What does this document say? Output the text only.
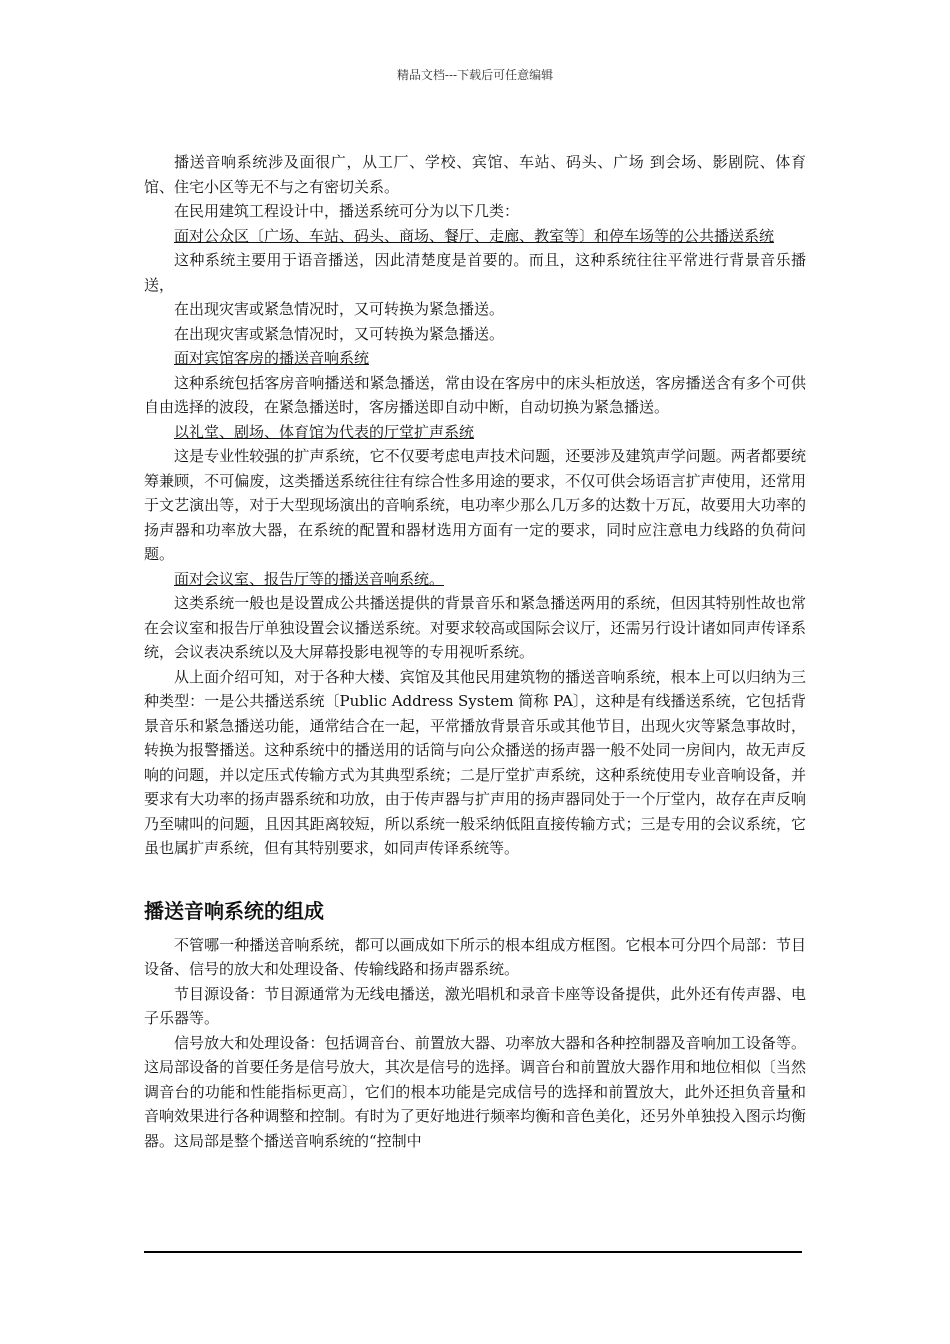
精品文档---下载后可任意编辑

播送音响系统涉及面很广，从工厂、学校、宾馆、车站、码头、广场 到会场、影剧院、体育馆、住宅小区等无不与之有密切关系。

在民用建筑工程设计中，播送系统可分为以下几类：

面对公众区〔广场、车站、码头、商场、餐厅、走廊、教室等〕和停车场等的公共播送系统

这种系统主要用于语音播送，因此清楚度是首要的。而且，这种系统往往平常进行背景音乐播送，

在出现灾害或紧急情况时，又可转换为紧急播送。

在出现灾害或紧急情况时，又可转换为紧急播送。

面对宾馆客房的播送音响系统

这种系统包括客房音响播送和紧急播送，常由设在客房中的床头柜放送，客房播送含有多个可供自由选择的波段，在紧急播送时，客房播送即自动中断，自动切换为紧急播送。

以礼堂、剧场、体育馆为代表的厅堂扩声系统

这是专业性较强的扩声系统，它不仅要考虑电声技术问题，还要涉及建筑声学问题。两者都要统筹兼顾，不可偏废，这类播送系统往往有综合性多用途的要求，不仅可供会场语言扩声使用，还常用于文艺演出等，对于大型现场演出的音响系统，电功率少那么几万多的达数十万瓦，故要用大功率的扬声器和功率放大器，在系统的配置和器材选用方面有一定的要求，同时应注意电力线路的负荷问题。

面对会议室、报告厅等的播送音响系统。

这类系统一般也是设置成公共播送提供的背景音乐和紧急播送两用的系统，但因其特别性故也常在会议室和报告厅单独设置会议播送系统。对要求较高或国际会议厅，还需另行设计诸如同声传译系统，会议表决系统以及大屏幕投影电视等的专用视听系统。

从上面介绍可知，对于各种大楼、宾馆及其他民用建筑物的播送音响系统，根本上可以归纳为三种类型：一是公共播送系统〔Public Address System 简称 PA〕，这种是有线播送系统，它包括背景音乐和紧急播送功能，通常结合在一起，平常播放背景音乐或其他节目，出现火灾等紧急事故时，转换为报警播送。这种系统中的播送用的话筒与向公众播送的扬声器一般不处同一房间内，故无声反响的问题，并以定压式传输方式为其典型系统；二是厅堂扩声系统，这种系统使用专业音响设备，并要求有大功率的扬声器系统和功放，由于传声器与扩声用的扬声器同处于一个厅堂内，故存在声反响乃至啸叫的问题，且因其距离较短，所以系统一般采纳低阻直接传输方式；三是专用的会议系统，它虽也属扩声系统，但有其特别要求，如同声传译系统等。

播送音响系统的组成

不管哪一种播送音响系统，都可以画成如下所示的根本组成方框图。它根本可分四个局部：节目设备、信号的放大和处理设备、传输线路和扬声器系统。

节目源设备：节目源通常为无线电播送，激光唱机和录音卡座等设备提供，此外还有传声器、电子乐器等。

信号放大和处理设备：包括调音台、前置放大器、功率放大器和各种控制器及音响加工设备等。这局部设备的首要任务是信号放大，其次是信号的选择。调音台和前置放大器作用和地位相似〔当然调音台的功能和性能指标更高〕，它们的根本功能是完成信号的选择和前置放大，此外还担负音量和音响效果进行各种调整和控制。有时为了更好地进行频率均衡和音色美化，还另外单独投入图示均衡器。这局部是整个播送音响系统的“控制中
